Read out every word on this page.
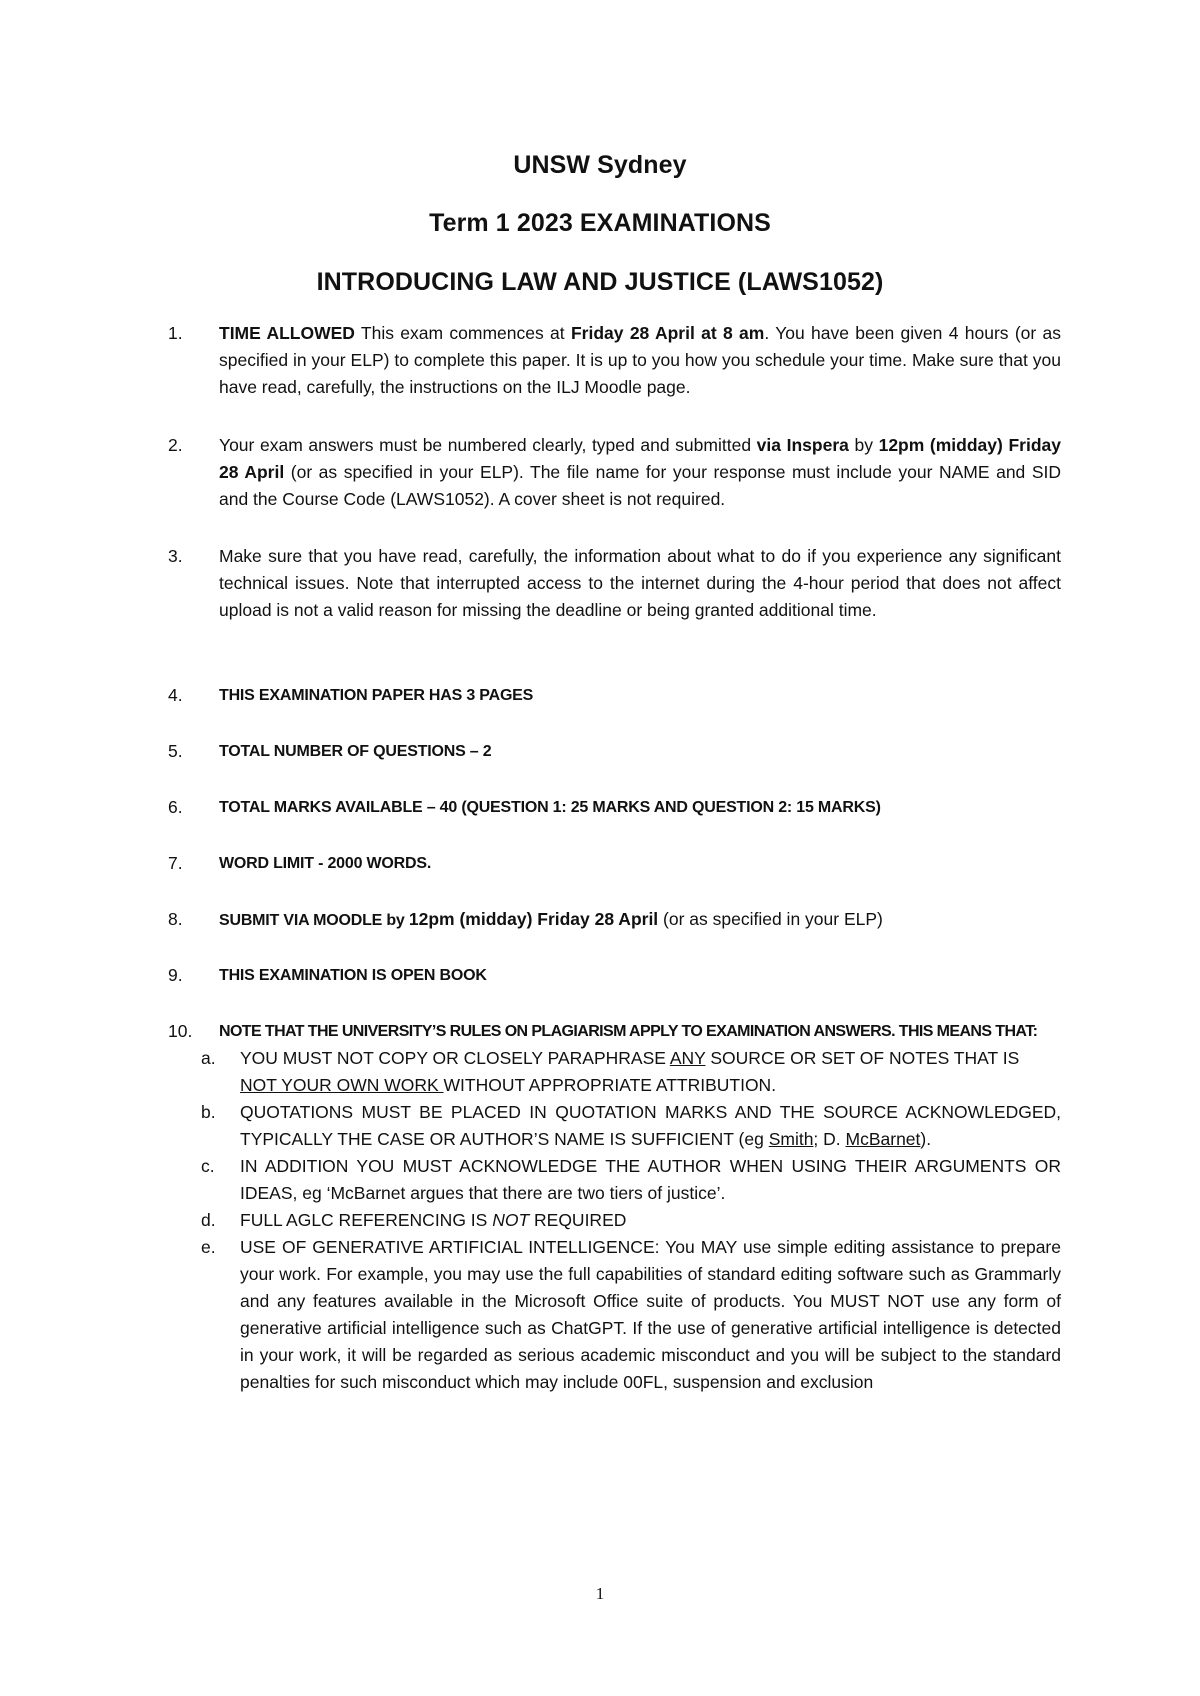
UNSW Sydney
Term 1 2023 EXAMINATIONS
INTRODUCING LAW AND JUSTICE (LAWS1052)
1.	TIME ALLOWED This exam commences at Friday 28 April at 8 am. You have been given 4 hours (or as specified in your ELP) to complete this paper. It is up to you how you schedule your time. Make sure that you have read, carefully, the instructions on the ILJ Moodle page.
2.	Your exam answers must be numbered clearly, typed and submitted via Inspera by 12pm (midday) Friday 28 April (or as specified in your ELP). The file name for your response must include your NAME and SID and the Course Code (LAWS1052). A cover sheet is not required.
3.	Make sure that you have read, carefully, the information about what to do if you experience any significant technical issues. Note that interrupted access to the internet during the 4-hour period that does not affect upload is not a valid reason for missing the deadline or being granted additional time.
4.	THIS EXAMINATION PAPER HAS 3 PAGES
5.	TOTAL NUMBER OF QUESTIONS – 2
6.	TOTAL MARKS AVAILABLE – 40 (QUESTION 1: 25 MARKS AND QUESTION 2: 15 MARKS)
7.	WORD LIMIT - 2000 WORDS.
8.	SUBMIT VIA MOODLE by 12pm (midday) Friday 28 April (or as specified in your ELP)
9.	THIS EXAMINATION IS OPEN BOOK
10.	NOTE THAT THE UNIVERSITY’S RULES ON PLAGIARISM APPLY TO EXAMINATION ANSWERS. THIS MEANS THAT:
a. YOU MUST NOT COPY OR CLOSELY PARAPHRASE ANY SOURCE OR SET OF NOTES THAT IS NOT YOUR OWN WORK WITHOUT APPROPRIATE ATTRIBUTION.
b. QUOTATIONS MUST BE PLACED IN QUOTATION MARKS AND THE SOURCE ACKNOWLEDGED, TYPICALLY THE CASE OR AUTHOR’S NAME IS SUFFICIENT (eg Smith; D. McBarnet).
c. IN ADDITION YOU MUST ACKNOWLEDGE THE AUTHOR WHEN USING THEIR ARGUMENTS OR IDEAS, eg ‘McBarnet argues that there are two tiers of justice’.
d. FULL AGLC REFERENCING IS NOT REQUIRED
e. USE OF GENERATIVE ARTIFICIAL INTELLIGENCE: You MAY use simple editing assistance to prepare your work. For example, you may use the full capabilities of standard editing software such as Grammarly and any features available in the Microsoft Office suite of products. You MUST NOT use any form of generative artificial intelligence such as ChatGPT. If the use of generative artificial intelligence is detected in your work, it will be regarded as serious academic misconduct and you will be subject to the standard penalties for such misconduct which may include 00FL, suspension and exclusion
1
